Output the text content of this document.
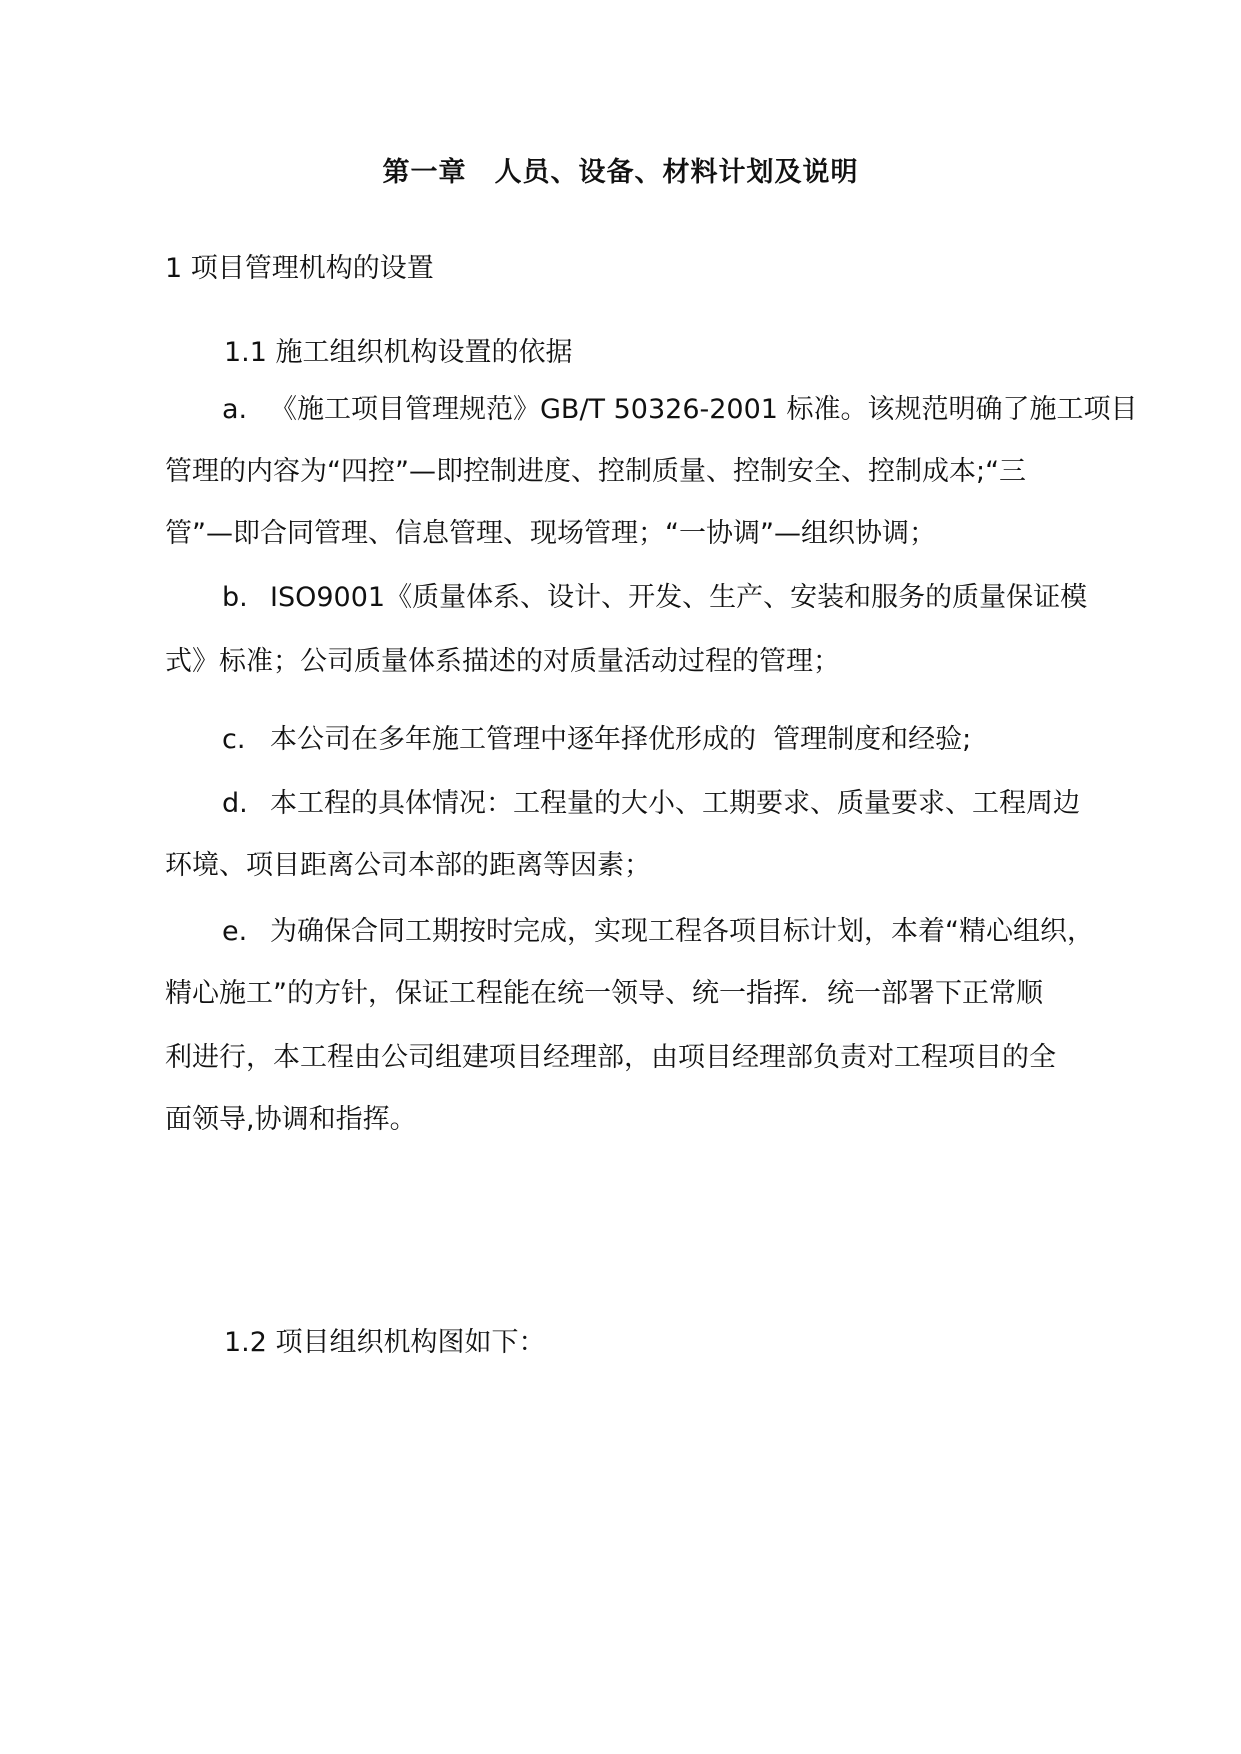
第一章　人员、设备、材料计划及说明
1 项目管理机构的设置
1.1 施工组织机构设置的依据
a. 《施工项目管理规范》GB/T 50326-2001 标准。该规范明确了施工项目
管理的内容为“四控”—即控制进度、控制质量、控制安全、控制成本;“三
管”—即合同管理、信息管理、现场管理；“一协调”—组织协调；
b. ISO9001《质量体系、设计、开发、生产、安装和服务的质量保证模
式》标准；公司质量体系描述的对质量活动过程的管理；
c. 本公司在多年施工管理中逐年择优形成的  管理制度和经验;
d. 本工程的具体情况：工程量的大小、工期要求、质量要求、工程周边
环境、项目距离公司本部的距离等因素；
e. 为确保合同工期按时完成，实现工程各项目标计划，本着“精心组织，
精心施工”的方针，保证工程能在统一领导、统一指挥．统一部署下正常顺
利进行，本工程由公司组建项目经理部，由项目经理部负责对工程项目的全
面领导,协调和指挥。
1.2 项目组织机构图如下：
